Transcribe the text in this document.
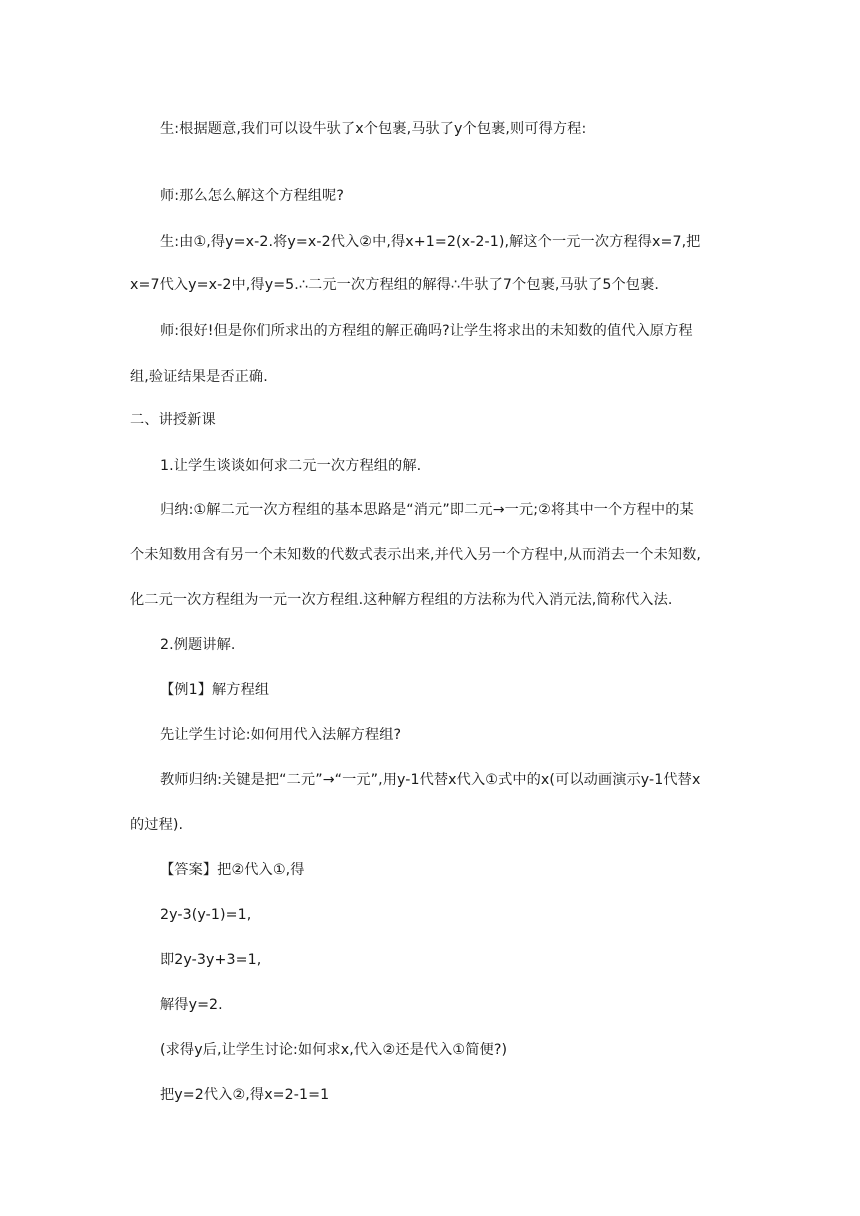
生:根据题意,我们可以设牛驮了x个包裹,马驮了y个包裹,则可得方程:
师:那么怎么解这个方程组呢?
生:由①,得y=x-2.将y=x-2代入②中,得x+1=2(x-2-1),解这个一元一次方程得x=7,把
x=7代入y=x-2中,得y=5.∴二元一次方程组的解得∴牛驮了7个包裹,马驮了5个包裹.
师:很好!但是你们所求出的方程组的解正确吗?让学生将求出的未知数的值代入原方程
组,验证结果是否正确.
二、讲授新课
1.让学生谈谈如何求二元一次方程组的解.
归纳:①解二元一次方程组的基本思路是“消元”即二元→一元;②将其中一个方程中的某
个未知数用含有另一个未知数的代数式表示出来,并代入另一个方程中,从而消去一个未知数,
化二元一次方程组为一元一次方程组.这种解方程组的方法称为代入消元法,简称代入法.
2.例题讲解.
【例1】解方程组
先让学生讨论:如何用代入法解方程组?
教师归纳:关键是把“二元”→“一元”,用y-1代替x代入①式中的x(可以动画演示y-1代替x
的过程).
【答案】把②代入①,得
2y-3(y-1)=1,
即2y-3y+3=1,
解得y=2.
(求得y后,让学生讨论:如何求x,代入②还是代入①简便?)
把y=2代入②,得x=2-1=1
